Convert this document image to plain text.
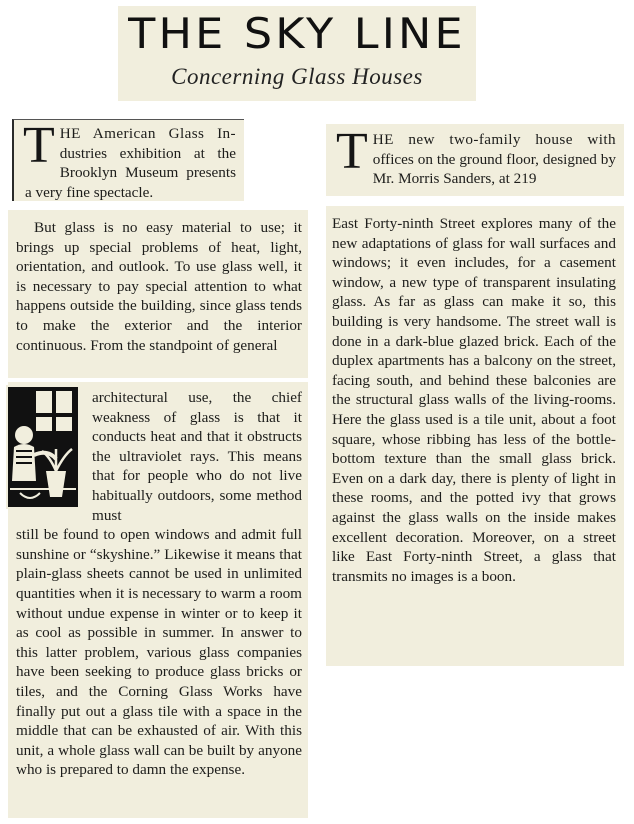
THE SKY LINE
Concerning Glass Houses
T HE American Glass In- dustries exhibition at the Brooklyn Museum presents a very fine spectacle.

But glass is no easy material to use; it brings up special problems of heat, light, orientation, and outlook. To use glass well, it is necessary to pay special attention to what happens outside the building, since glass tends to make the exterior and the interior continuous. From the standpoint of general

architectural use, the chief weakness of glass is that it conducts heat and that it obstructs the ultraviolet rays. This means that for people who do not live habitually outdoors, some method must

still be found to open windows and admit full sunshine or “skyshine.” Likewise it means that plain-glass sheets cannot be used in unlimited quantities when it is necessary to warm a room without undue expense in winter or to keep it as cool as possible in summer. In answer to this latter problem, various glass companies have been seeking to produce glass bricks or tiles, and the Corning Glass Works have finally put out a glass tile with a space in the middle that can be exhausted of air. With this unit, a whole glass wall can be built by anyone who is prepared to damn the expense.

T HE new two-family house with offices on the ground floor, designed by Mr. Morris Sanders, at 219

East Forty-ninth Street explores many of the new adaptations of glass for wall surfaces and windows; it even includes, for a casement window, a new type of transparent insulating glass. As far as glass can make it so, this building is very handsome. The street wall is done in a dark-blue glazed brick. Each of the duplex apartments has a balcony on the street, facing south, and behind these balconies are the structural glass walls of the living-rooms. Here the glass used is a tile unit, about a foot square, whose ribbing has less of the bottle-bottom texture than the small glass brick. Even on a dark day, there is plenty of light in these rooms, and the potted ivy that grows against the glass walls on the inside makes excellent decoration. Moreover, on a street like East Forty-ninth Street, a glass that transmits no images is a boon.
